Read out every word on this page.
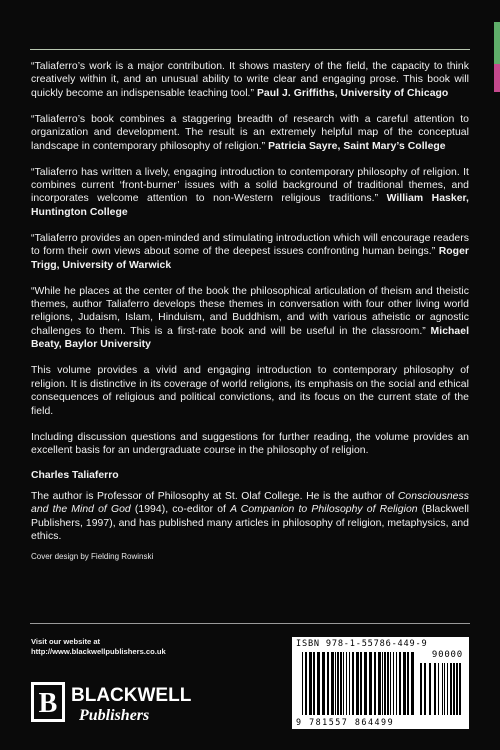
“Taliaferro’s work is a major contribution. It shows mastery of the field, the capacity to think creatively within it, and an unusual ability to write clear and engaging prose. This book will quickly become an indispensable teaching tool.” Paul J. Griffiths, University of Chicago

“Taliaferro’s book combines a staggering breadth of research with a careful attention to organization and development. The result is an extremely helpful map of the conceptual landscape in contemporary philosophy of religion.” Patricia Sayre, Saint Mary’s College

“Taliaferro has written a lively, engaging introduction to contemporary philosophy of religion. It combines current ‘front-burner’ issues with a solid background of traditional themes, and incorporates welcome attention to non-Western religious traditions.” William Hasker, Huntington College

“Taliaferro provides an open-minded and stimulating introduction which will encourage readers to form their own views about some of the deepest issues confronting human beings.” Roger Trigg, University of Warwick

“While he places at the center of the book the philosophical articulation of theism and theistic themes, author Taliaferro develops these themes in conversation with four other living world religions, Judaism, Islam, Hinduism, and Buddhism, and with various atheistic or agnostic challenges to them. This is a first-rate book and will be useful in the classroom.” Michael Beaty, Baylor University

This volume provides a vivid and engaging introduction to contemporary philosophy of religion. It is distinctive in its coverage of world religions, its emphasis on the social and ethical consequences of religious and political convictions, and its focus on the current state of the field.

Including discussion questions and suggestions for further reading, the volume provides an excellent basis for an undergraduate course in the philosophy of religion.

Charles Taliaferro

The author is Professor of Philosophy at St. Olaf College. He is the author of Consciousness and the Mind of God (1994), co-editor of A Companion to Philosophy of Religion (Blackwell Publishers, 1997), and has published many articles in philosophy of religion, metaphysics, and ethics.

Cover design by Fielding Rowinski

Visit our website at
http://www.blackwellpublishers.co.uk
B BLACKWELL
Publishers
ISBN 978-1-55786-449-9
90000
9 781557 864499
